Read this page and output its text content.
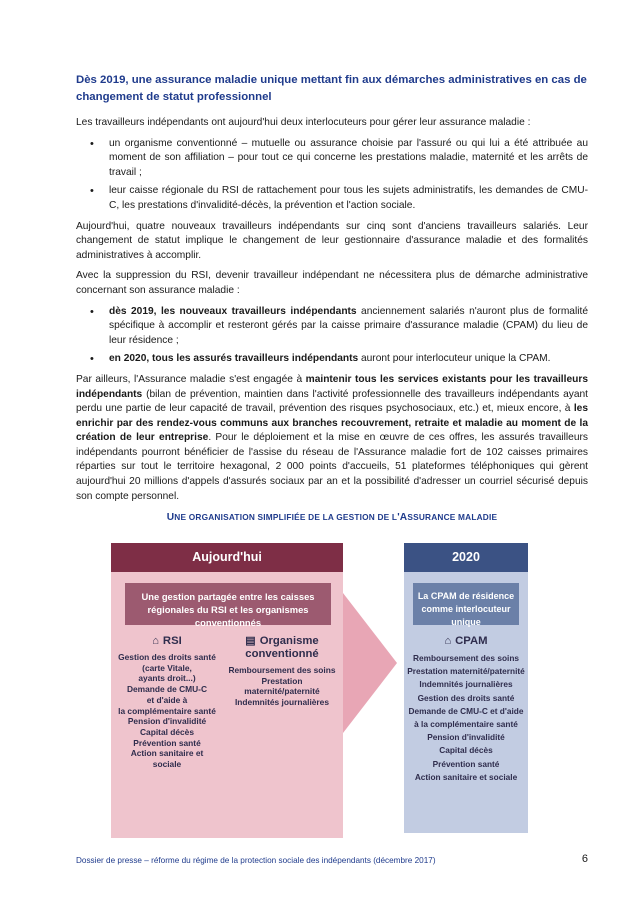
Dès 2019, une assurance maladie unique mettant fin aux démarches administratives en cas de changement de statut professionnel

Les travailleurs indépendants ont aujourd'hui deux interlocuteurs pour gérer leur assurance maladie :

• un organisme conventionné – mutuelle ou assurance choisie par l'assuré ou qui lui a été attribuée au moment de son affiliation – pour tout ce qui concerne les prestations maladie, maternité et les arrêts de travail ;
• leur caisse régionale du RSI de rattachement pour tous les sujets administratifs, les demandes de CMU-C, les prestations d'invalidité-décès, la prévention et l'action sociale.

Aujourd'hui, quatre nouveaux travailleurs indépendants sur cinq sont d'anciens travailleurs salariés. Leur changement de statut implique le changement de leur gestionnaire d'assurance maladie et des formalités administratives à accomplir.

Avec la suppression du RSI, devenir travailleur indépendant ne nécessitera plus de démarche administrative concernant son assurance maladie :

• dès 2019, les nouveaux travailleurs indépendants anciennement salariés n'auront plus de formalité spécifique à accomplir et resteront gérés par la caisse primaire d'assurance maladie (CPAM) du lieu de leur résidence ;
• en 2020, tous les assurés travailleurs indépendants auront pour interlocuteur unique la CPAM.

Par ailleurs, l'Assurance maladie s'est engagée à maintenir tous les services existants pour les travailleurs indépendants (bilan de prévention, maintien dans l'activité professionnelle des travailleurs indépendants ayant perdu une partie de leur capacité de travail, prévention des risques psychosociaux, etc.) et, mieux encore, à les enrichir par des rendez-vous communs aux branches recouvrement, retraite et maladie au moment de la création de leur entreprise. Pour le déploiement et la mise en œuvre de ces offres, les assurés travailleurs indépendants pourront bénéficier de l'assise du réseau de l'Assurance maladie fort de 102 caisses primaires réparties sur tout le territoire hexagonal, 2 000 points d'accueils, 51 plateformes téléphoniques qui gèrent aujourd'hui 20 millions d'appels d'assurés sociaux par an et la possibilité d'adresser un courriel sécurisé depuis son compte personnel.

UNE ORGANISATION SIMPLIFIÉE DE LA GESTION DE L'ASSURANCE MALADIE
Aujourd'hui
Une gestion partagée entre les caisses régionales du RSI et les organismes conventionnés
⌂ RSI
Gestion des droits santé
(carte Vitale,
ayants droit...)
Demande de CMU-C
et d'aide à
la complémentaire santé
Pension d'invalidité
Capital décès
Prévention santé
Action sanitaire et sociale
▤ Organisme
conventionné
Remboursement des soins
Prestation
maternité/paternité
Indemnités journalières
2020
La CPAM de résidence comme interlocuteur unique
⌂ CPAM
Remboursement des soins
Prestation maternité/paternité
Indemnités journalières
Gestion des droits santé
Demande de CMU-C et d'aide
à la complémentaire santé
Pension d'invalidité
Capital décès
Prévention santé
Action sanitaire et sociale
Dossier de presse – réforme du régime de la protection sociale des indépendants (décembre 2017)	6
